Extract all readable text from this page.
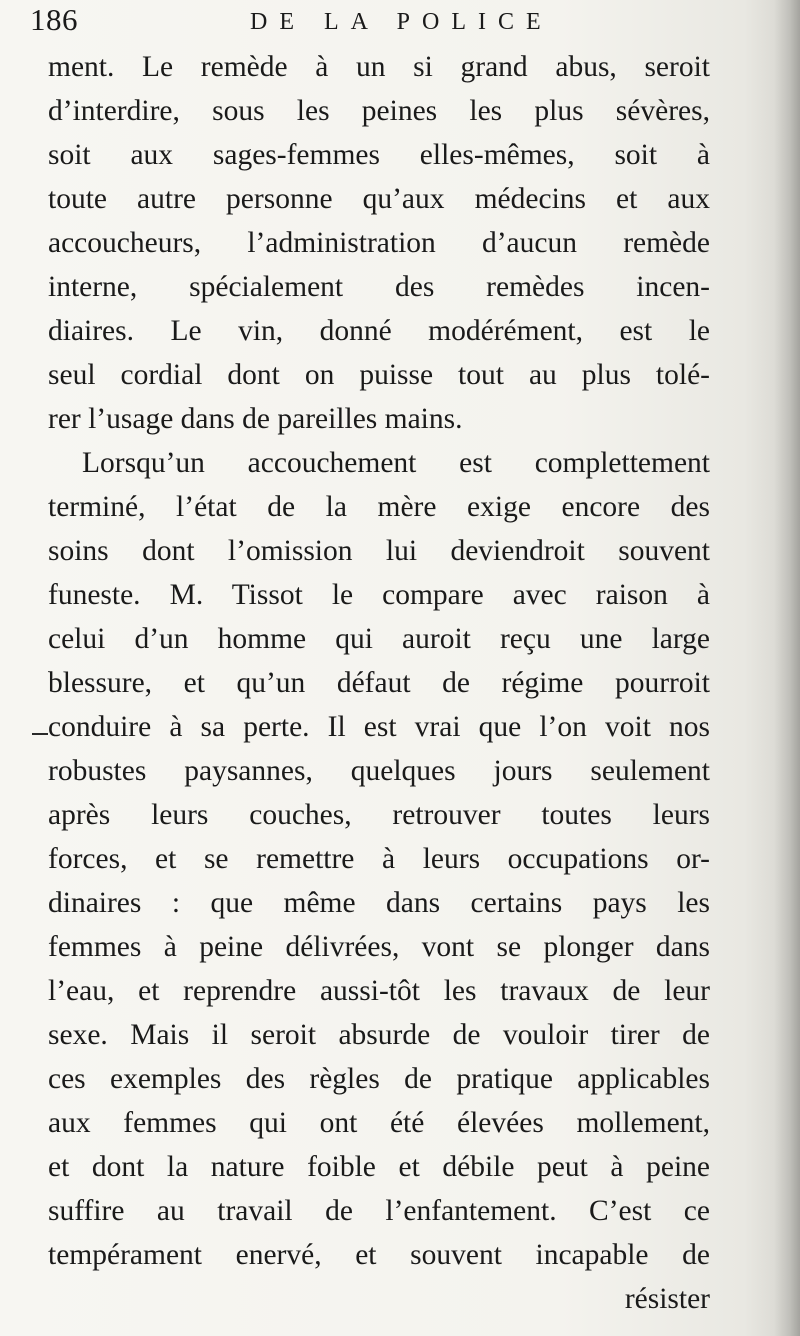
186	DE LA POLICE
ment. Le remède à un si grand abus, seroit
d’interdire, sous les peines les plus sévères,
soit aux sages-femmes elles-mêmes, soit à
toute autre personne qu’aux médecins et aux
accoucheurs, l’administration d’aucun remède
interne, spécialement des remèdes incen-
diaires. Le vin, donné modérément, est le
seul cordial dont on puisse tout au plus tolé-
rer l’usage dans de pareilles mains.
Lorsqu’un accouchement est complettement
terminé, l’état de la mère exige encore des
soins dont l’omission lui deviendroit souvent
funeste. M. Tissot le compare avec raison à
celui d’un homme qui auroit reçu une large
blessure, et qu’un défaut de régime pourroit
conduire à sa perte. Il est vrai que l’on voit nos
robustes paysannes, quelques jours seulement
après leurs couches, retrouver toutes leurs
forces, et se remettre à leurs occupations or-
dinaires : que même dans certains pays les
femmes à peine délivrées, vont se plonger dans
l’eau, et reprendre aussi-tôt les travaux de leur
sexe. Mais il seroit absurde de vouloir tirer de
ces exemples des règles de pratique applicables
aux femmes qui ont été élevées mollement,
et dont la nature foible et débile peut à peine
suffire au travail de l’enfantement. C’est ce
tempérament enervé, et souvent incapable de
résister
